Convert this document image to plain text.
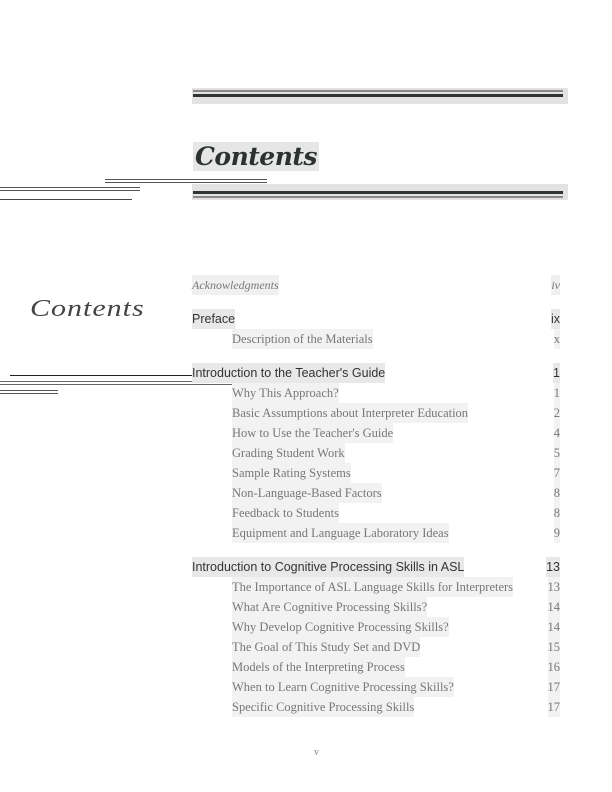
Contents
Contents
Acknowledgments	iv
Preface	ix
Description of the Materials	x
Introduction to the Teacher's Guide	1
Why This Approach?	1
Basic Assumptions about Interpreter Education	2
How to Use the Teacher's Guide	4
Grading Student Work	5
Sample Rating Systems	7
Non-Language-Based Factors	8
Feedback to Students	8
Equipment and Language Laboratory Ideas	9
Introduction to Cognitive Processing Skills in ASL	13
The Importance of ASL Language Skills for Interpreters	13
What Are Cognitive Processing Skills?	14
Why Develop Cognitive Processing Skills?	14
The Goal of This Study Set and DVD	15
Models of the Interpreting Process	16
When to Learn Cognitive Processing Skills?	17
Specific Cognitive Processing Skills	17
v
